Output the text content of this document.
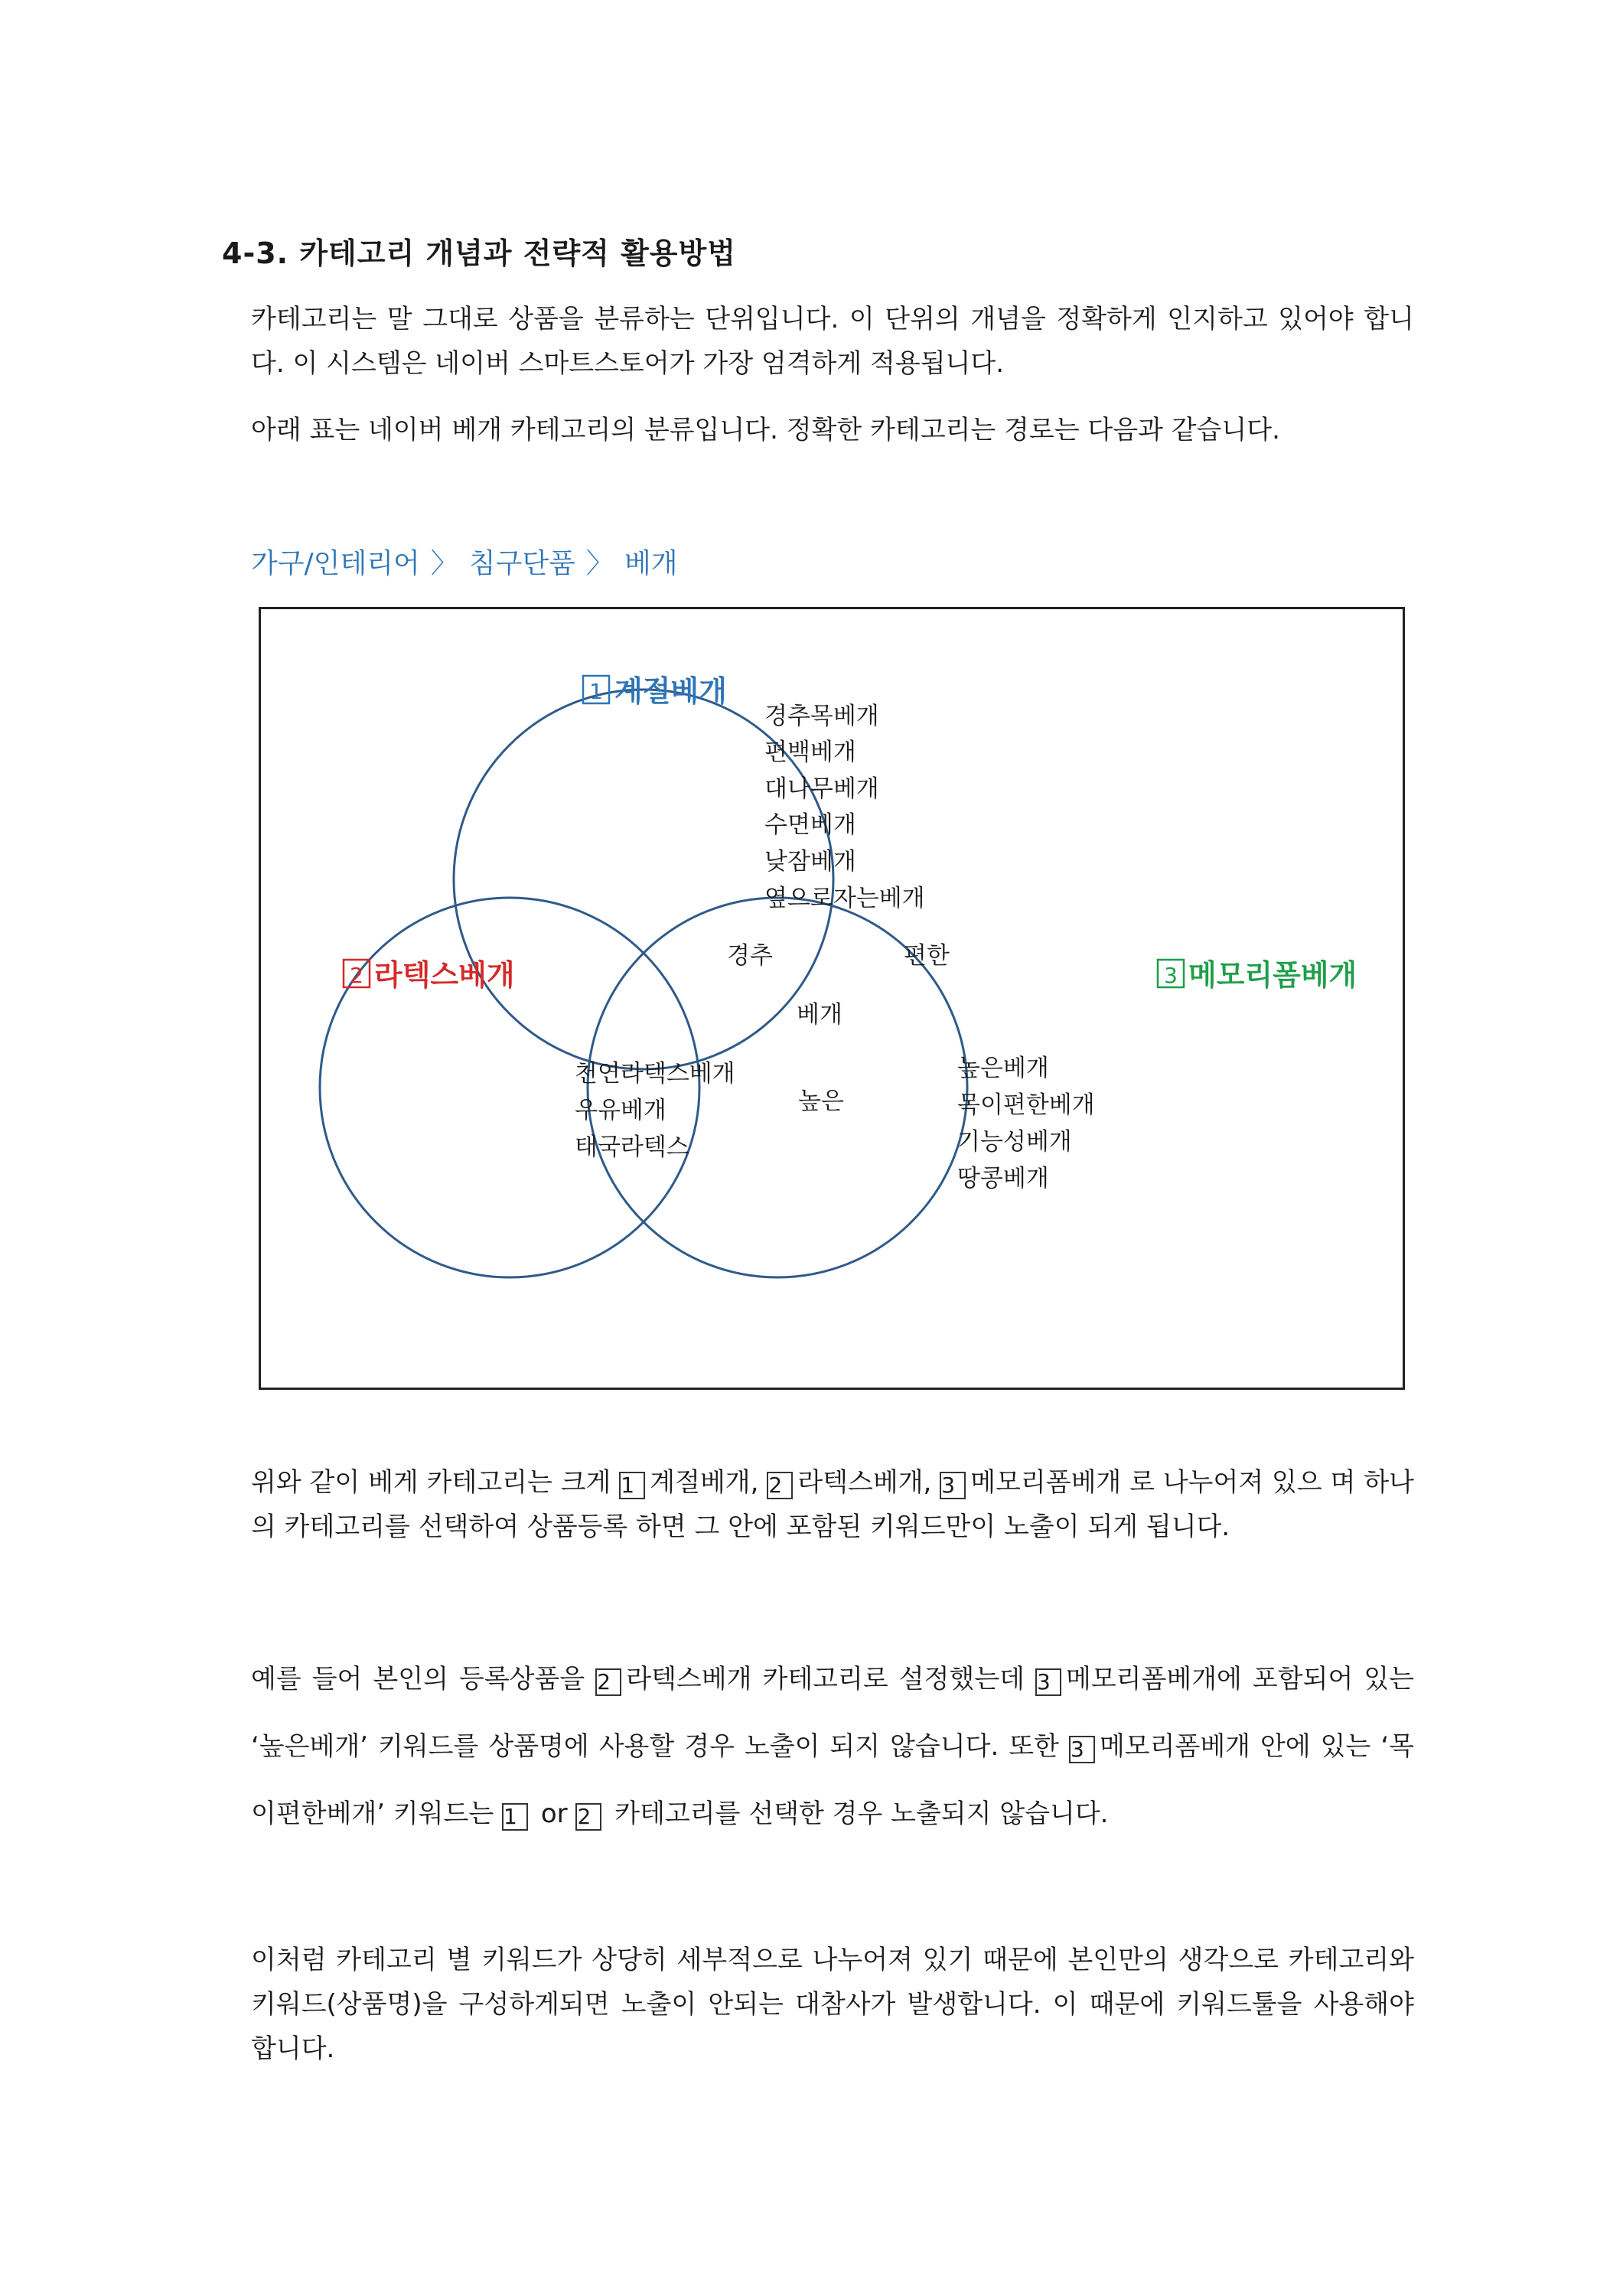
4-3. 카테고리 개념과 전략적 활용방법
카테고리는 말 그대로 상품을 분류하는 단위입니다. 이 단위의 개념을 정확하게 인지하고 있어야 합니다. 이 시스템은 네이버 스마트스토어가 가장 엄격하게 적용됩니다.
아래 표는 네이버 베개 카테고리의 분류입니다. 정확한 카테고리는 경로는 다음과 같습니다.
가구/인테리어 〉 침구단품 〉 베개
1 계절베개
2 라텍스베개	3 메모리폼베개
경추목베개
편백베개
대나무베개
수면베개
낮잠베개
옆으로자는베개
경추	편한
베개
높은
천연라텍스베개
우유베개
태국라텍스
높은베개
목이편한베개
기능성베개
땅콩베개
위와 같이 베게 카테고리는 크게 1 계절베개, 2 라텍스베개, 3 메모리폼베개 로 나누어져 있으 며 하나의 카테고리를 선택하여 상품등록 하면 그 안에 포함된 키워드만이 노출이 되게 됩니다.
예를 들어 본인의 등록상품을 2 라텍스베개 카테고리로 설정했는데 3 메모리폼베개에 포함되어 있는 ‘높은베개’ 키워드를 상품명에 사용할 경우 노출이 되지 않습니다. 또한 3 메모리폼베개 안에 있는 ‘목이편한베개’ 키워드는 1 or 2 카테고리를 선택한 경우 노출되지 않습니다.
이처럼 카테고리 별 키워드가 상당히 세부적으로 나누어져 있기 때문에 본인만의 생각으로 카테고리와 키워드(상품명)을 구성하게되면 노출이 안되는 대참사가 발생합니다. 이 때문에 키워드툴을 사용해야 합니다.
